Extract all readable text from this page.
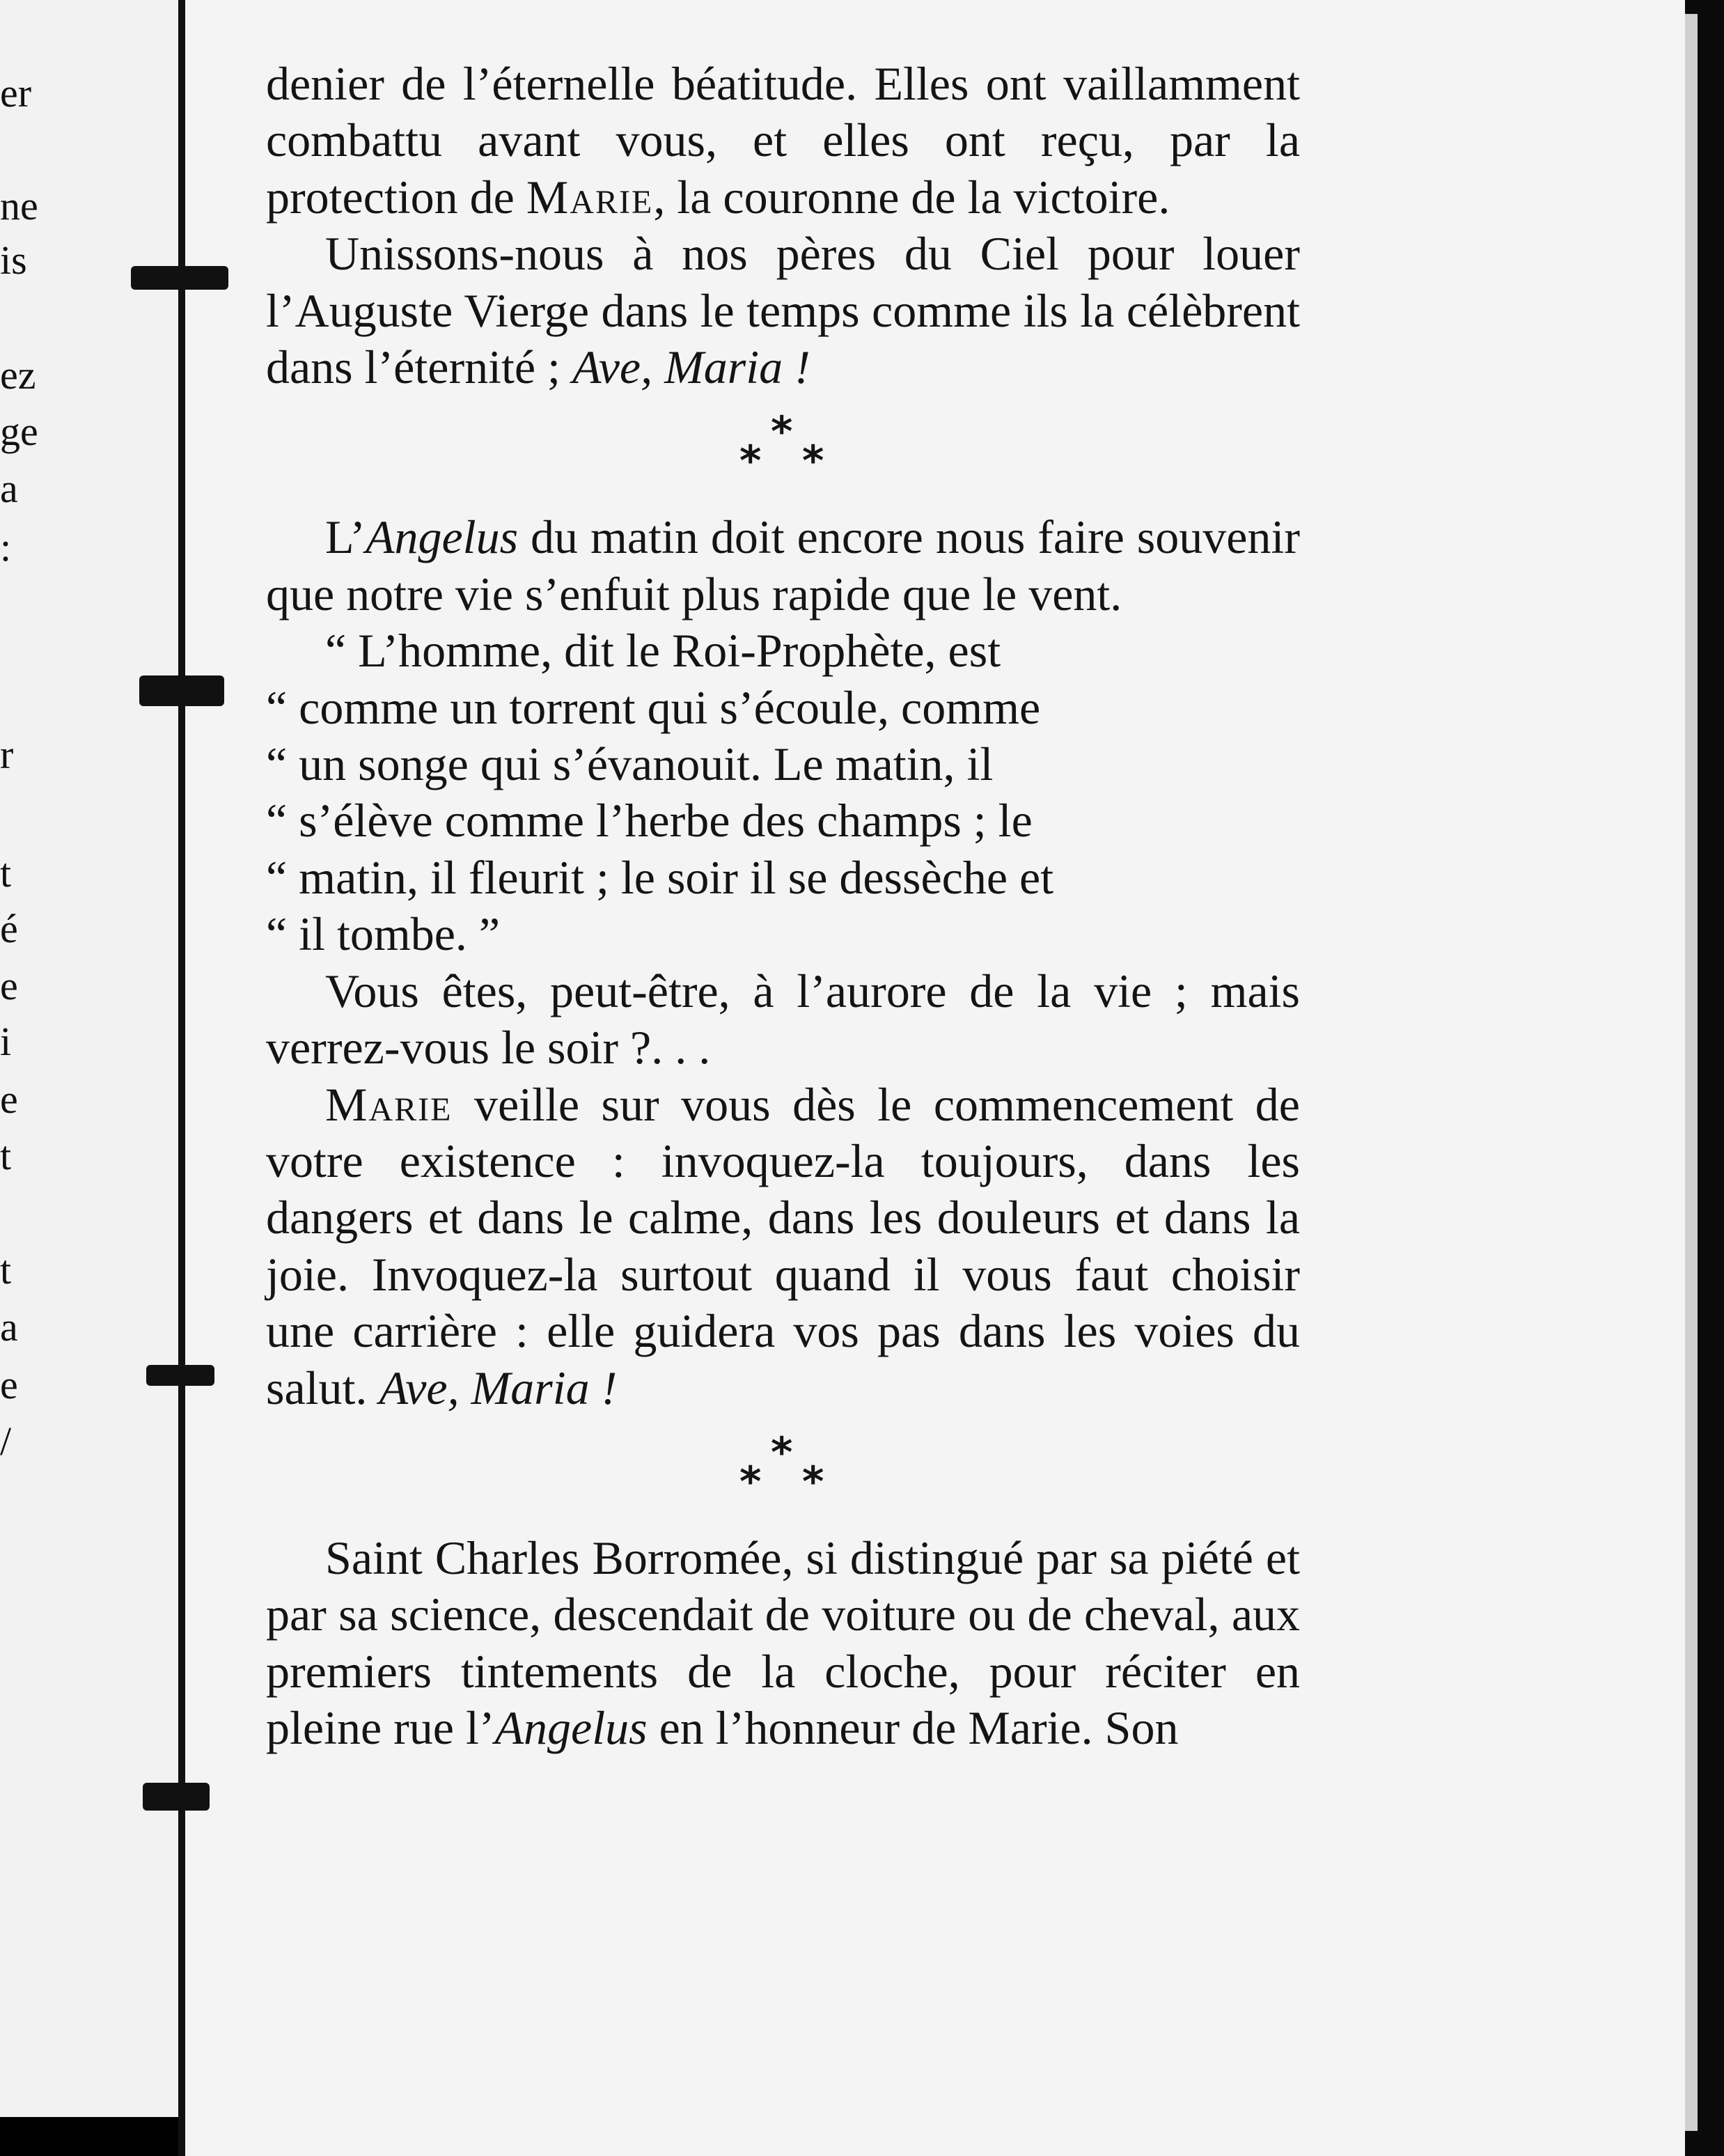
er
ne
is
ez
ge
a
:
r
t
é
e
i
e
t
t
a
e
/

denier de l’éternelle béatitude. Elles ont vaillamment combattu avant vous, et elles ont reçu, par la protection de Marie, la couronne de la victoire.

Unissons-nous à nos pères du Ciel pour louer l’Auguste Vierge dans le temps comme ils la célèbrent dans l’éternité ; Ave, Maria !

*
* *

L’Angelus du matin doit encore nous faire souvenir que notre vie s’enfuit plus rapide que le vent.

“ L’homme, dit le Roi-Prophète, est

“ comme un torrent qui s’écoule, comme

“ un songe qui s’évanouit. Le matin, il

“ s’élève comme l’herbe des champs ; le

“ matin, il fleurit ; le soir il se dessèche et

“ il tombe. ”

Vous êtes, peut-être, à l’aurore de la vie ; mais verrez-vous le soir ?. . .

Marie veille sur vous dès le commencement de votre existence : invoquez-la toujours, dans les dangers et dans le calme, dans les douleurs et dans la joie. Invoquez-la surtout quand il vous faut choisir une carrière : elle guidera vos pas dans les voies du salut. Ave, Maria !

*
* *

Saint Charles Borromée, si distingué par sa piété et par sa science, descendait de voiture ou de cheval, aux premiers tintements de la cloche, pour réciter en pleine rue l’Angelus en l’honneur de Marie. Son
